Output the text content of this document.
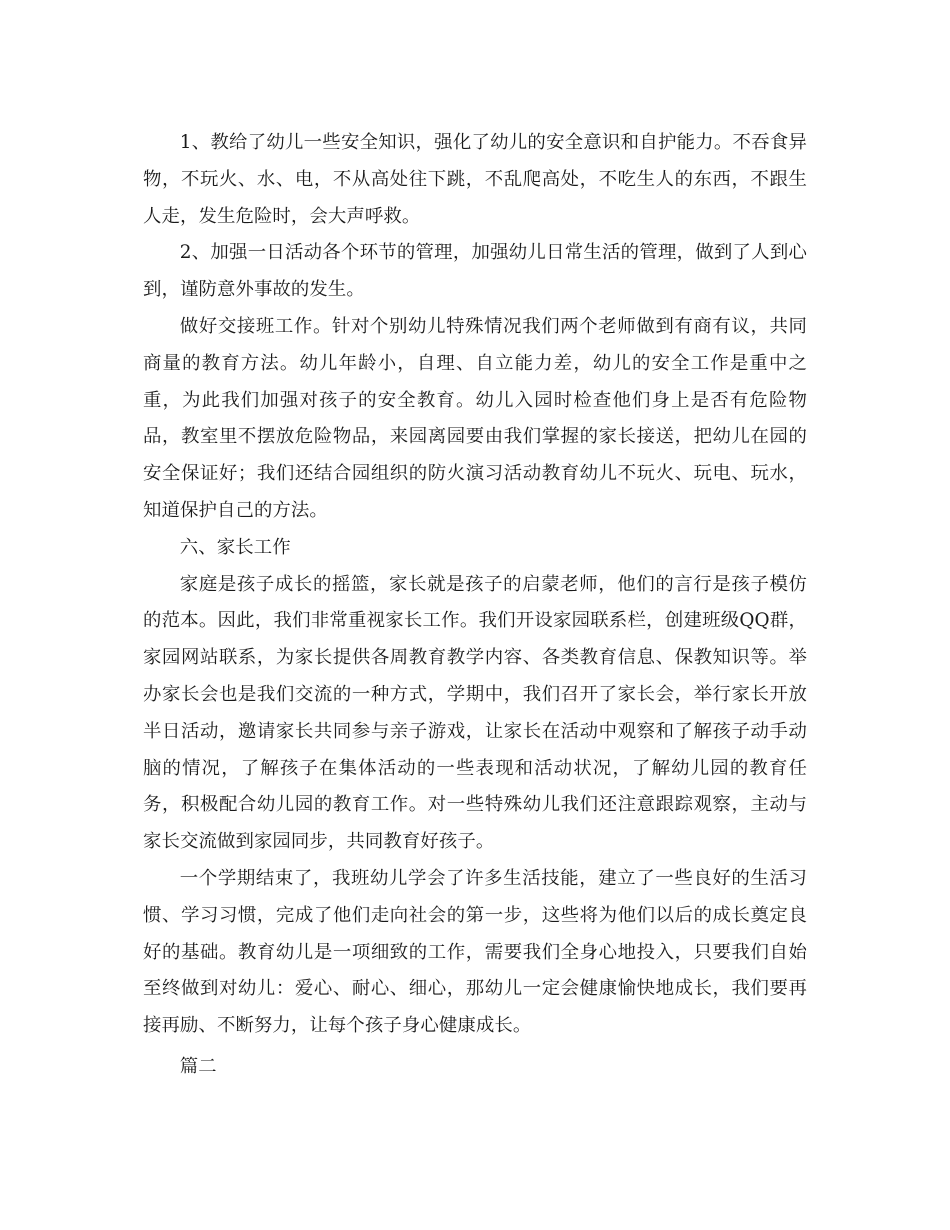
1、教给了幼儿一些安全知识，强化了幼儿的安全意识和自护能力。不吞食异物，不玩火、水、电，不从高处往下跳，不乱爬高处，不吃生人的东西，不跟生人走，发生危险时，会大声呼救。

2、加强一日活动各个环节的管理，加强幼儿日常生活的管理，做到了人到心到，谨防意外事故的发生。

做好交接班工作。针对个别幼儿特殊情况我们两个老师做到有商有议，共同商量的教育方法。幼儿年龄小，自理、自立能力差，幼儿的安全工作是重中之重，为此我们加强对孩子的安全教育。幼儿入园时检查他们身上是否有危险物品，教室里不摆放危险物品，来园离园要由我们掌握的家长接送，把幼儿在园的安全保证好；我们还结合园组织的防火演习活动教育幼儿不玩火、玩电、玩水，知道保护自己的方法。

六、家长工作

家庭是孩子成长的摇篮，家长就是孩子的启蒙老师，他们的言行是孩子模仿的范本。因此，我们非常重视家长工作。我们开设家园联系栏，创建班级QQ群，家园网站联系，为家长提供各周教育教学内容、各类教育信息、保教知识等。举办家长会也是我们交流的一种方式，学期中，我们召开了家长会，举行家长开放半日活动，邀请家长共同参与亲子游戏，让家长在活动中观察和了解孩子动手动脑的情况，了解孩子在集体活动的一些表现和活动状况，了解幼儿园的教育任务，积极配合幼儿园的教育工作。对一些特殊幼儿我们还注意跟踪观察，主动与家长交流做到家园同步，共同教育好孩子。

一个学期结束了，我班幼儿学会了许多生活技能，建立了一些良好的生活习惯、学习习惯，完成了他们走向社会的第一步，这些将为他们以后的成长奠定良好的基础。教育幼儿是一项细致的工作，需要我们全身心地投入，只要我们自始至终做到对幼儿：爱心、耐心、细心，那幼儿一定会健康愉快地成长，我们要再接再励、不断努力，让每个孩子身心健康成长。

篇二
